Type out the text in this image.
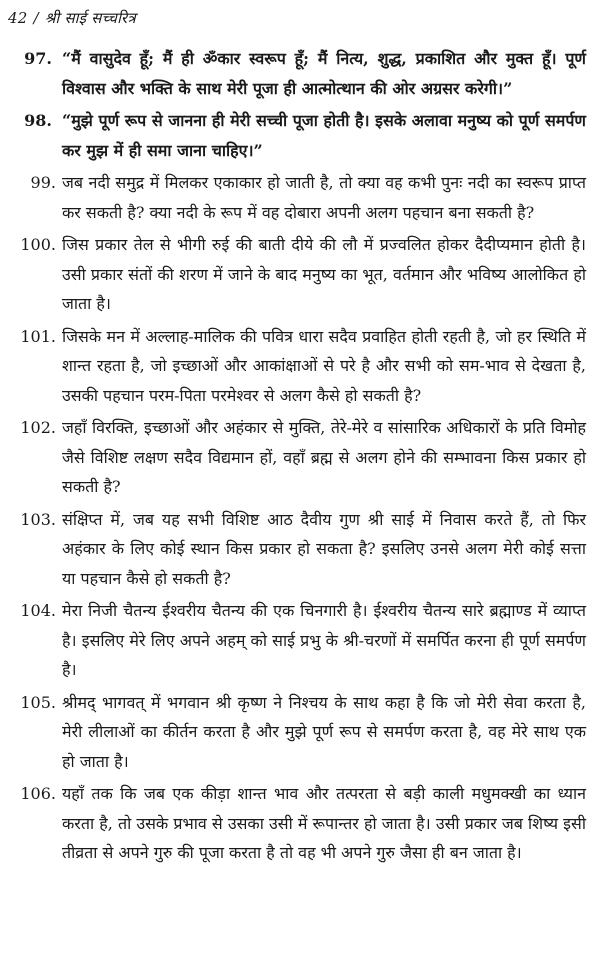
42 / श्री साई सच्चरित्र
97. “मैं वासुदेव हूँ; मैं ही ॐकार स्वरूप हूँ; मैं नित्य, शुद्ध, प्रकाशित और मुक्त हूँ। पूर्ण विश्वास और भक्ति के साथ मेरी पूजा ही आत्मोत्थान की ओर अग्रसर करेगी।”
98. “मुझे पूर्ण रूप से जानना ही मेरी सच्ची पूजा होती है। इसके अलावा मनुष्य को पूर्ण समर्पण कर मुझ में ही समा जाना चाहिए।”
99. जब नदी समुद्र में मिलकर एकाकार हो जाती है, तो क्या वह कभी पुनः नदी का स्वरूप प्राप्त कर सकती है? क्या नदी के रूप में वह दोबारा अपनी अलग पहचान बना सकती है?
100. जिस प्रकार तेल से भीगी रुई की बाती दीये की लौ में प्रज्वलित होकर दैदीप्यमान होती है। उसी प्रकार संतों की शरण में जाने के बाद मनुष्य का भूत, वर्तमान और भविष्य आलोकित हो जाता है।
101. जिसके मन में अल्लाह-मालिक की पवित्र धारा सदैव प्रवाहित होती रहती है, जो हर स्थिति में शान्त रहता है, जो इच्छाओं और आकांक्षाओं से परे है और सभी को सम-भाव से देखता है, उसकी पहचान परम-पिता परमेश्वर से अलग कैसे हो सकती है?
102. जहाँ विरक्ति, इच्छाओं और अहंकार से मुक्ति, तेरे-मेरे व सांसारिक अधिकारों के प्रति विमोह जैसे विशिष्ट लक्षण सदैव विद्यमान हों, वहाँ ब्रह्म से अलग होने की सम्भावना किस प्रकार हो सकती है?
103. संक्षिप्त में, जब यह सभी विशिष्ट आठ दैवीय गुण श्री साई में निवास करते हैं, तो फिर अहंकार के लिए कोई स्थान किस प्रकार हो सकता है? इसलिए उनसे अलग मेरी कोई सत्ता या पहचान कैसे हो सकती है?
104. मेरा निजी चैतन्य ईश्वरीय चैतन्य की एक चिनगारी है। ईश्वरीय चैतन्य सारे ब्रह्माण्ड में व्याप्त है। इसलिए मेरे लिए अपने अहम् को साई प्रभु के श्री-चरणों में समर्पित करना ही पूर्ण समर्पण है।
105. श्रीमद् भागवत् में भगवान श्री कृष्ण ने निश्चय के साथ कहा है कि जो मेरी सेवा करता है, मेरी लीलाओं का कीर्तन करता है और मुझे पूर्ण रूप से समर्पण करता है, वह मेरे साथ एक हो जाता है।
106. यहाँ तक कि जब एक कीड़ा शान्त भाव और तत्परता से बड़ी काली मधुमक्खी का ध्यान करता है, तो उसके प्रभाव से उसका उसी में रूपान्तर हो जाता है। उसी प्रकार जब शिष्य इसी तीव्रता से अपने गुरु की पूजा करता है तो वह भी अपने गुरु जैसा ही बन जाता है।
